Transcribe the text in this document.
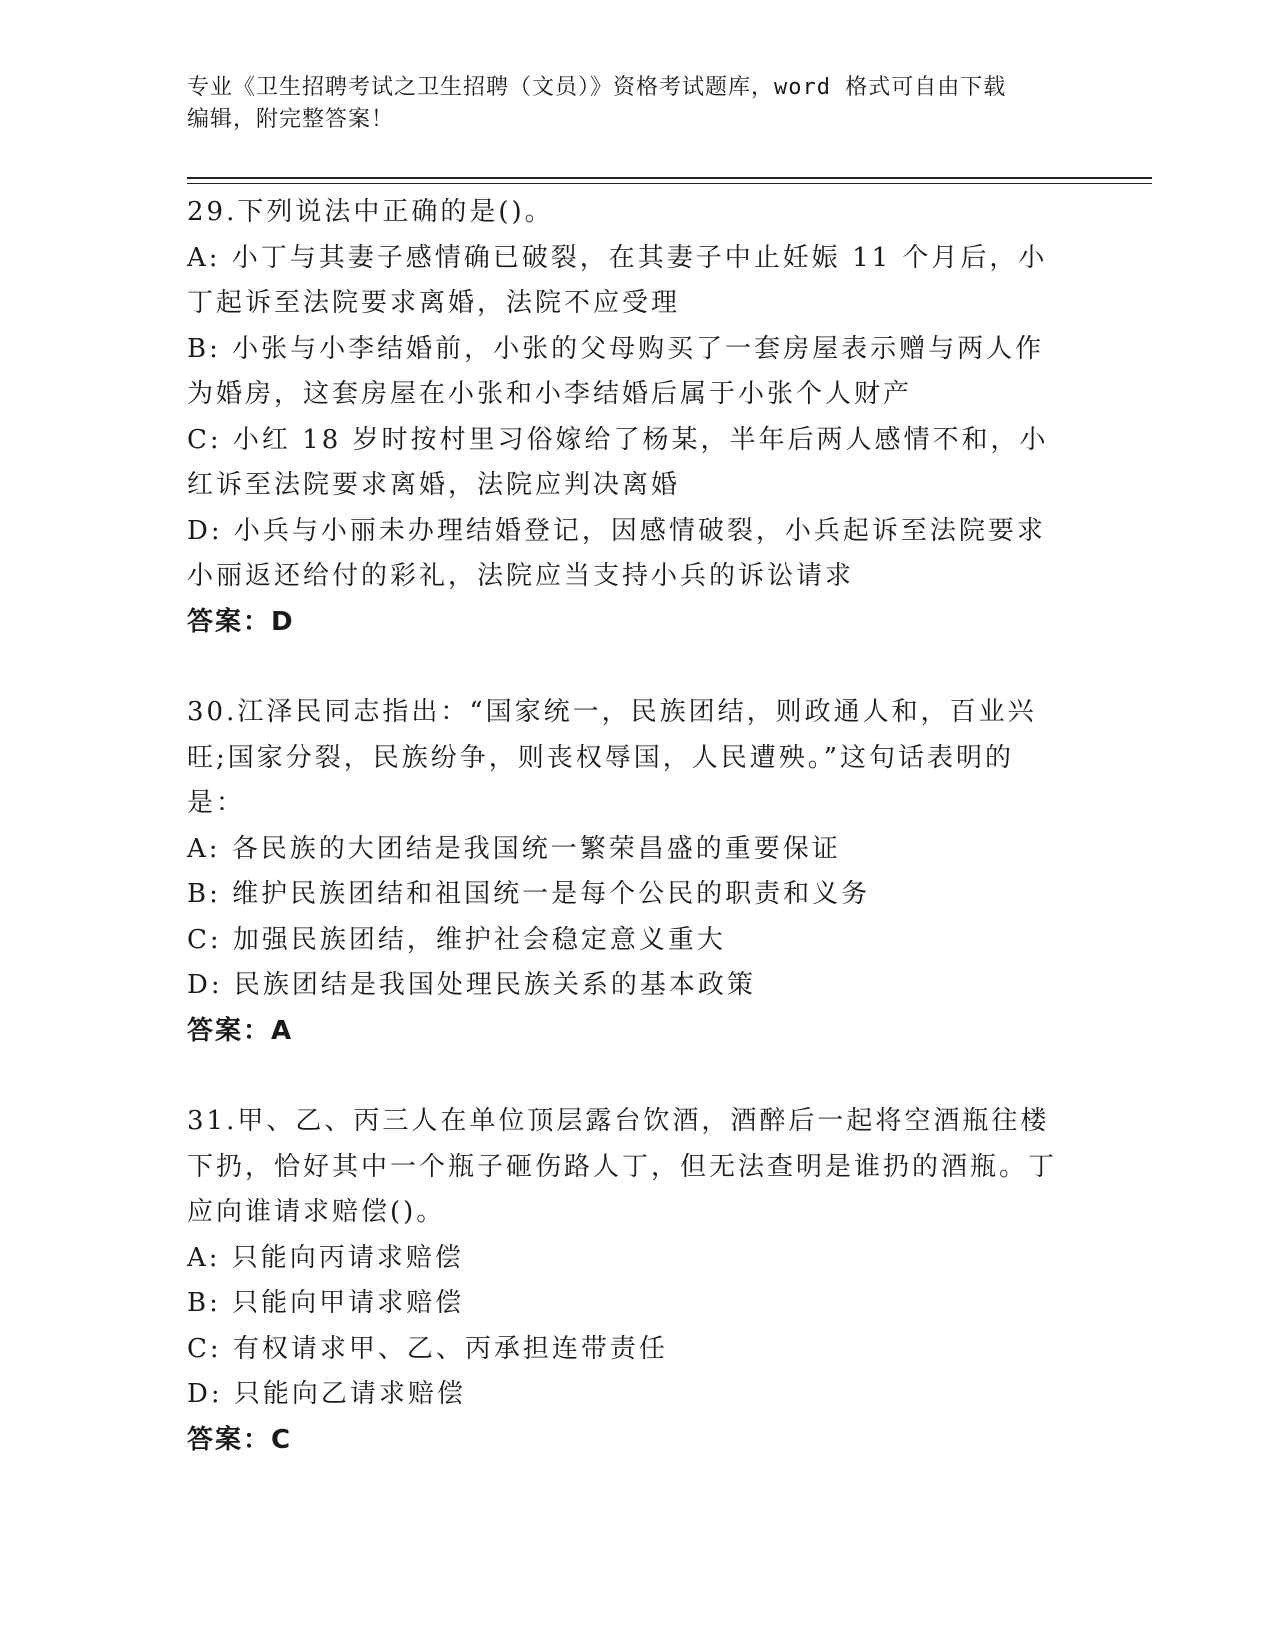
专业《卫生招聘考试之卫生招聘（文员）》资格考试题库，word 格式可自由下载
编辑，附完整答案！

29.下列说法中正确的是()。

A: 小丁与其妻子感情确已破裂，在其妻子中止妊娠 11 个月后，小丁起诉至法院要求离婚，法院不应受理

B: 小张与小李结婚前，小张的父母购买了一套房屋表示赠与两人作为婚房，这套房屋在小张和小李结婚后属于小张个人财产

C: 小红 18 岁时按村里习俗嫁给了杨某，半年后两人感情不和，小红诉至法院要求离婚，法院应判决离婚

D: 小兵与小丽未办理结婚登记，因感情破裂，小兵起诉至法院要求小丽返还给付的彩礼，法院应当支持小兵的诉讼请求

答案：D

30.江泽民同志指出：“国家统一，民族团结，则政通人和，百业兴旺;国家分裂，民族纷争，则丧权辱国，人民遭殃。”这句话表明的是：

A: 各民族的大团结是我国统一繁荣昌盛的重要保证

B: 维护民族团结和祖国统一是每个公民的职责和义务

C: 加强民族团结，维护社会稳定意义重大

D: 民族团结是我国处理民族关系的基本政策

答案：A

31.甲、乙、丙三人在单位顶层露台饮酒，酒醉后一起将空酒瓶往楼下扔，恰好其中一个瓶子砸伤路人丁，但无法查明是谁扔的酒瓶。丁应向谁请求赔偿()。

A: 只能向丙请求赔偿

B: 只能向甲请求赔偿

C: 有权请求甲、乙、丙承担连带责任

D: 只能向乙请求赔偿

答案：C
